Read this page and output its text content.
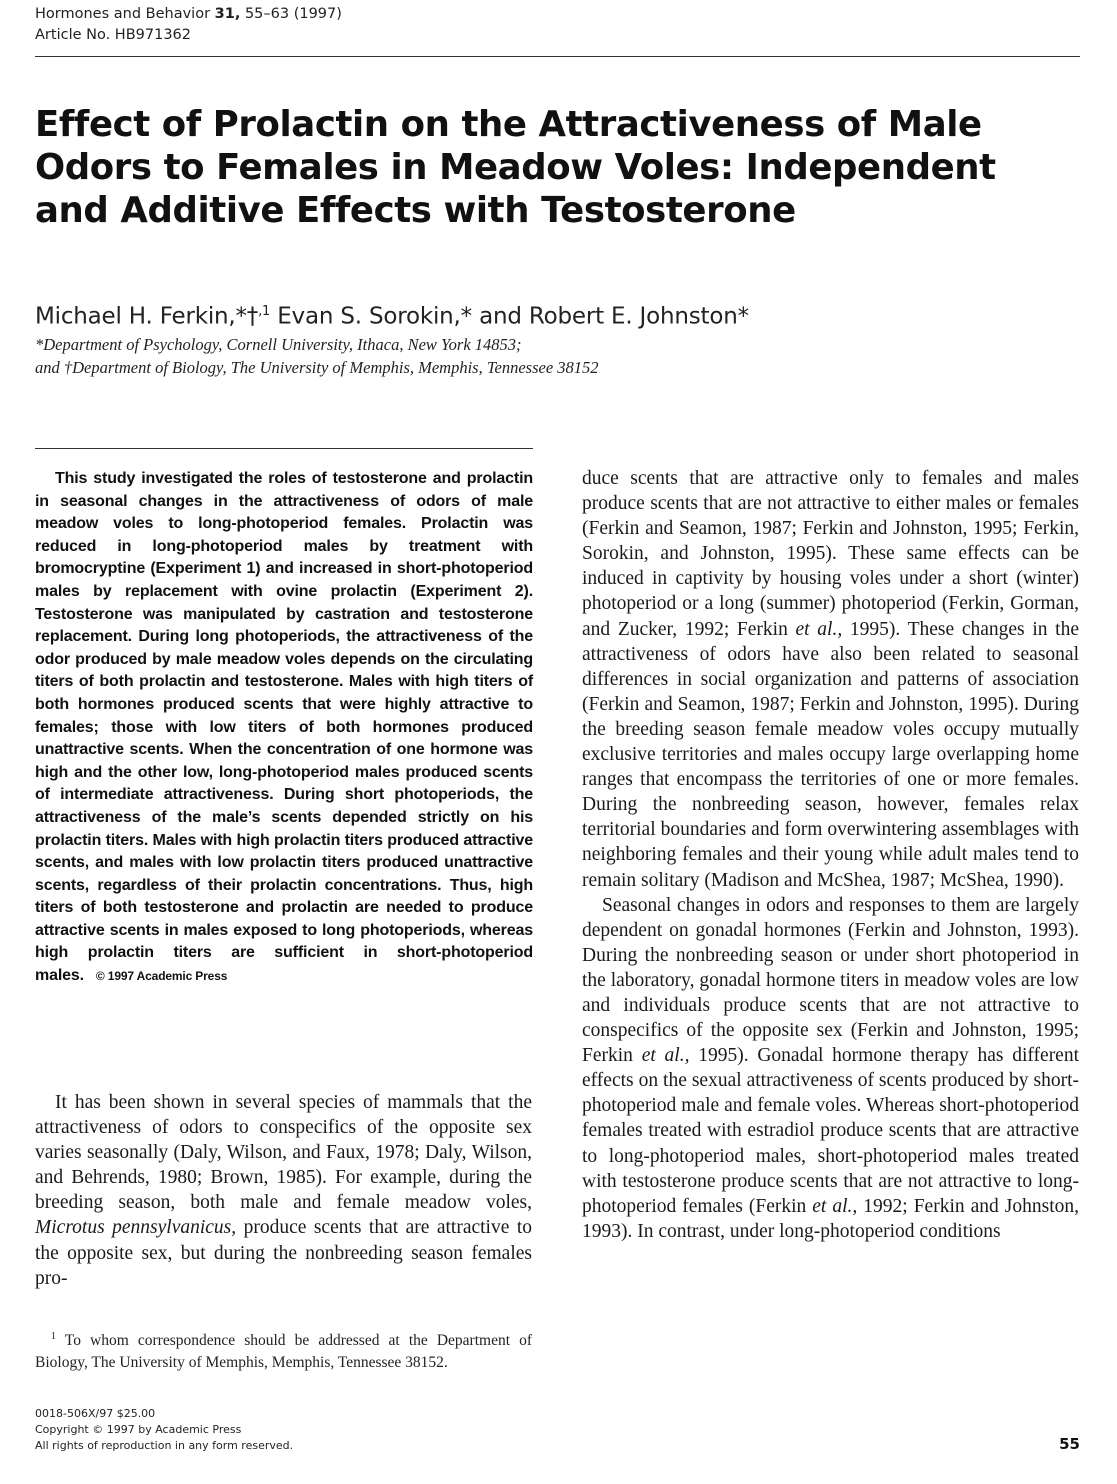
Hormones and Behavior 31, 55–63 (1997)
Article No. HB971362
Effect of Prolactin on the Attractiveness of Male
Odors to Females in Meadow Voles: Independent
and Additive Effects with Testosterone
Michael H. Ferkin,*†$^{,1}$ Evan S. Sorokin,* and Robert E. Johnston*
*Department of Psychology, Cornell University, Ithaca, New York 14853;
and †Department of Biology, The University of Memphis, Memphis, Tennessee 38152

This study investigated the roles of testosterone and prolactin in seasonal changes in the attractiveness of odors of male meadow voles to long-photoperiod females. Prolactin was reduced in long-photoperiod males by treatment with bromocryptine (Experiment 1) and increased in short-photoperiod males by replacement with ovine prolactin (Experiment 2). Testosterone was manipulated by castration and testosterone replacement. During long photoperiods, the attractiveness of the odor produced by male meadow voles depends on the circulating titers of both prolactin and testosterone. Males with high titers of both hormones produced scents that were highly attractive to females; those with low titers of both hormones produced unattractive scents. When the concentration of one hormone was high and the other low, long-photoperiod males produced scents of intermediate attractiveness. During short photoperiods, the attractiveness of the male’s scents depended strictly on his prolactin titers. Males with high prolactin titers produced attractive scents, and males with low prolactin titers produced unattractive scents, regardless of their prolactin concentrations. Thus, high titers of both testosterone and prolactin are needed to produce attractive scents in males exposed to long photoperiods, whereas high prolactin titers are sufficient in short-photoperiod males. © 1997 Academic Press

It has been shown in several species of mammals that the attractiveness of odors to conspecifics of the opposite sex varies seasonally (Daly, Wilson, and Faux, 1978; Daly, Wilson, and Behrends, 1980; Brown, 1985). For example, during the breeding season, both male and female meadow voles, Microtus pennsylvanicus, produce scents that are attractive to the opposite sex, but during the nonbreeding season females pro-

$^1$ To whom correspondence should be addressed at the Department of Biology, The University of Memphis, Memphis, Tennessee 38152.

duce scents that are attractive only to females and males produce scents that are not attractive to either males or females (Ferkin and Seamon, 1987; Ferkin and Johnston, 1995; Ferkin, Sorokin, and Johnston, 1995). These same effects can be induced in captivity by housing voles under a short (winter) photoperiod or a long (summer) photoperiod (Ferkin, Gorman, and Zucker, 1992; Ferkin et al., 1995). These changes in the attractiveness of odors have also been related to seasonal differences in social organization and patterns of association (Ferkin and Seamon, 1987; Ferkin and Johnston, 1995). During the breeding season female meadow voles occupy mutually exclusive territories and males occupy large overlapping home ranges that encompass the territories of one or more females. During the nonbreeding season, however, females relax territorial boundaries and form overwintering assemblages with neighboring females and their young while adult males tend to remain solitary (Madison and McShea, 1987; McShea, 1990).

Seasonal changes in odors and responses to them are largely dependent on gonadal hormones (Ferkin and Johnston, 1993). During the nonbreeding season or under short photoperiod in the laboratory, gonadal hormone titers in meadow voles are low and individuals produce scents that are not attractive to conspecifics of the opposite sex (Ferkin and Johnston, 1995; Ferkin et al., 1995). Gonadal hormone therapy has different effects on the sexual attractiveness of scents produced by short-photoperiod male and female voles. Whereas short-photoperiod females treated with estradiol produce scents that are attractive to long-photoperiod males, short-photoperiod males treated with testosterone produce scents that are not attractive to long-photoperiod females (Ferkin et al., 1992; Ferkin and Johnston, 1993). In contrast, under long-photoperiod conditions

0018-506X/97 $25.00
Copyright © 1997 by Academic Press
All rights of reproduction in any form reserved.	55
